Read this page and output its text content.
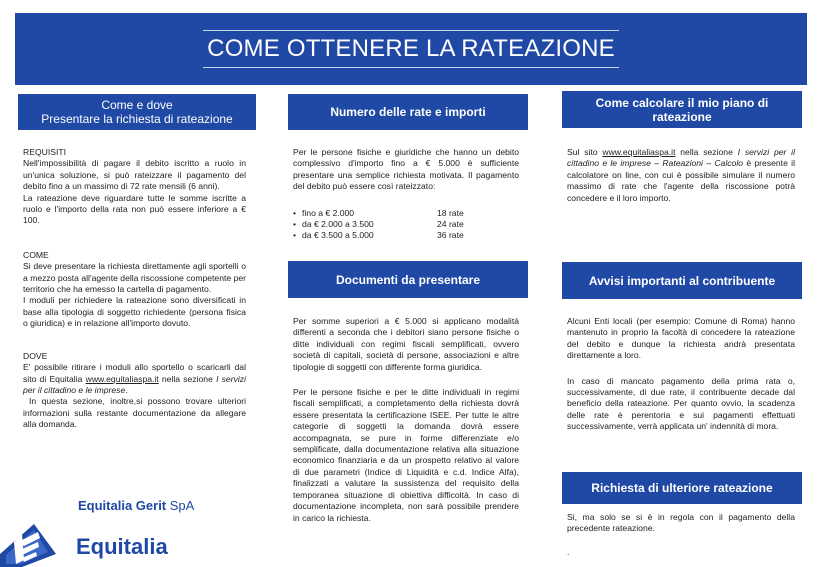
COME OTTENERE LA RATEAZIONE
Come e dove
Presentare la richiesta di rateazione	Numero delle rate e importi
Come calcolare il mio piano di
rateazione
Documenti da presentare	Avvisi importanti al contribuente
Richiesta di ulteriore rateazione

REQUISITI

Nell'impossibilità di pagare il debito iscritto a ruolo in un'unica soluzione, si può rateizzare il pagamento del debito fino a un massimo di 72 rate mensili (6 anni).

La rateazione deve riguardare tutte le somme iscritte a ruolo e l'importo della rata non può essere inferiore a € 100.

COME

Si deve presentare la richiesta direttamente agli sportelli o a mezzo posta all'agente della riscossione competente per territorio che ha emesso la cartella di pagamento.

I moduli per richiedere la rateazione sono diversificati in base alla tipologia di soggetto richiedente (persona fisica o giuridica) e in relazione all'importo dovuto.

DOVE

E' possibile ritirare i moduli allo sportello o scaricarli dal sito di Equitalia www.equitaliaspa.it nella sezione I servizi per il cittadino e le imprese.

In questa sezione, inoltre,si possono trovare ulteriori informazioni sulla restante documentazione da allegare alla domanda.

Per le persone fisiche e giuridiche che hanno un debito complessivo d'importo fino a € 5.000 è sufficiente presentare una semplice richiesta motivata. Il pagamento del debito può essere così rateizzato:

• fino a € 2.000	18 rate
• da € 2.000 a 3.500	24 rate
• da € 3.500 a 5.000	36 rate

Per somme superiori a € 5.000 si applicano modalità differenti a seconda che i debitori siano persone fisiche o ditte individuali con regimi fiscali semplificati, ovvero società di capitali, società di persone, associazioni e altre tipologie di soggetti con differente forma giuridica.

Per le persone fisiche e per le ditte individuali in regimi fiscali semplificati, a completamento della richiesta dovrà essere presentata la certificazione ISEE. Per tutte le altre categorie di soggetti la domanda dovrà essere accompagnata, se pure in forme differenziate e/o semplificate, dalla documentazione relativa alla situazione economico finanziaria e da un prospetto relativo al valore di due parametri (Indice di Liquidità e c.d. Indice Alfa), finalizzati a valutare la sussistenza del requisito della temporanea situazione di obiettiva difficoltà. In caso di documentazione incompleta, non sarà possibile prendere in carico la richiesta.

Sul sito www.equitaliaspa.it nella sezione I servizi per il cittadino e le imprese – Rateazioni – Calcolo è presente il calcolatore on line, con cui è possibile simulare il numero massimo di rate che l'agente della riscossione potrà concedere e il loro importo.

Alcuni Enti locali (per esempio: Comune di Roma) hanno mantenuto in proprio la facoltà di concedere la rateazione del debito e dunque la richiesta andrà presentata direttamente a loro.

In caso di mancato pagamento della prima rata o, successivamente, di due rate, il contribuente decade dal beneficio della rateazione. Per quanto ovvio, la scadenza delle rate è perentoria e sui pagamenti effettuati successivamente, verrà applicata un' indennità di mora.

Si, ma solo se si è in regola con il pagamento della precedente rateazione.

.

Equitalia Gerit SpA
Equitalia
